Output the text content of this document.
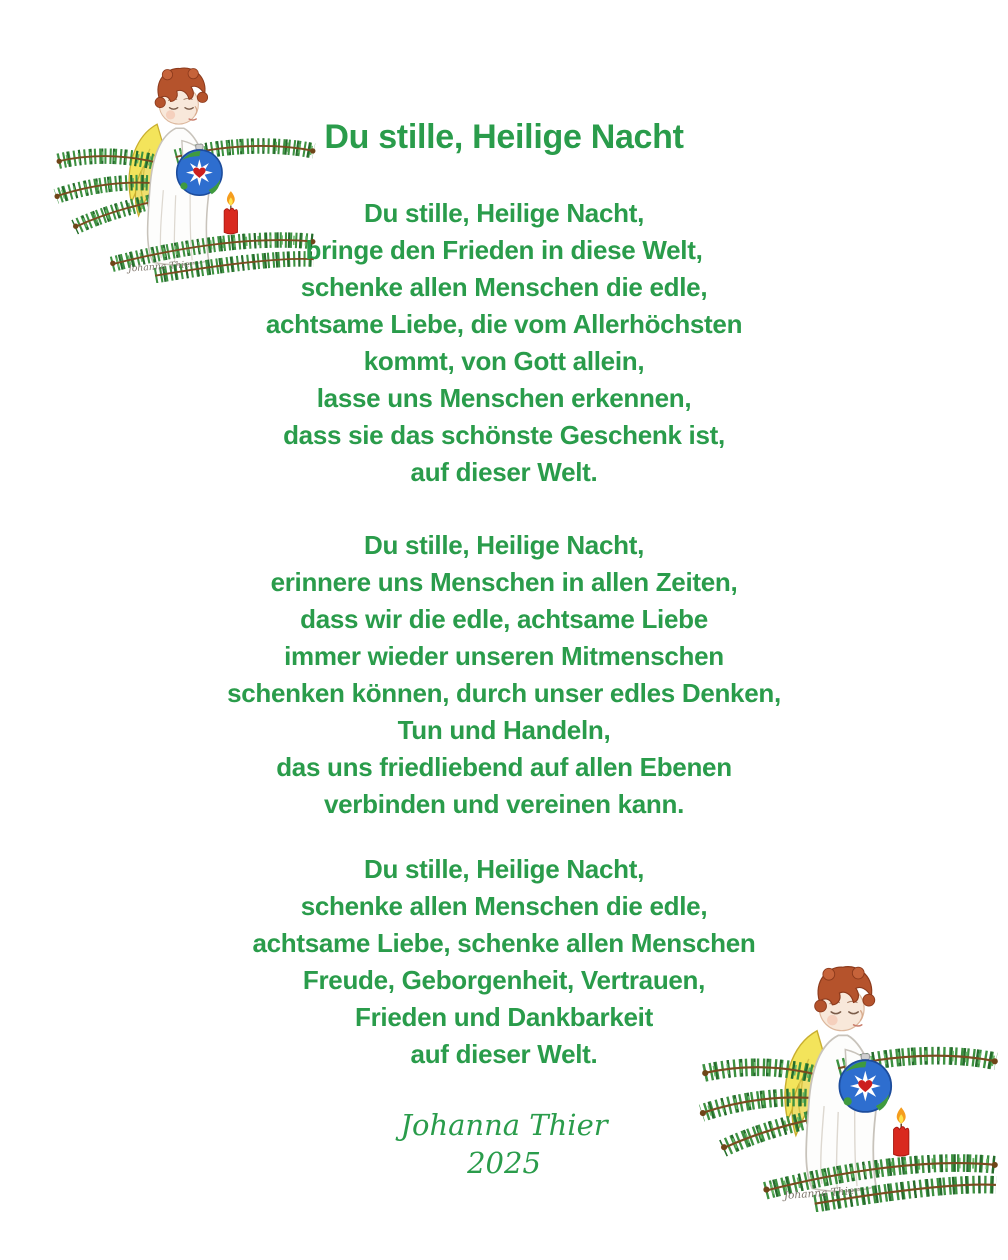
Du stille, Heilige Nacht
Du stille, Heilige Nacht,
bringe den Frieden in diese Welt,
schenke allen Menschen die edle,
achtsame Liebe, die vom Allerhöchsten
kommt, von Gott allein,
lasse uns Menschen erkennen,
dass sie das schönste Geschenk ist,
auf dieser Welt.
Du stille, Heilige Nacht,
erinnere uns Menschen in allen Zeiten,
dass wir die edle, achtsame Liebe
immer wieder unseren Mitmenschen
schenken können, durch unser edles Denken,
Tun und Handeln,
das uns friedliebend auf allen Ebenen
verbinden und vereinen kann.
Du stille, Heilige Nacht,
schenke allen Menschen die edle,
achtsame Liebe, schenke allen Menschen
Freude, Geborgenheit, Vertrauen,
Frieden und Dankbarkeit
auf dieser Welt.
Johanna Thier
2025
